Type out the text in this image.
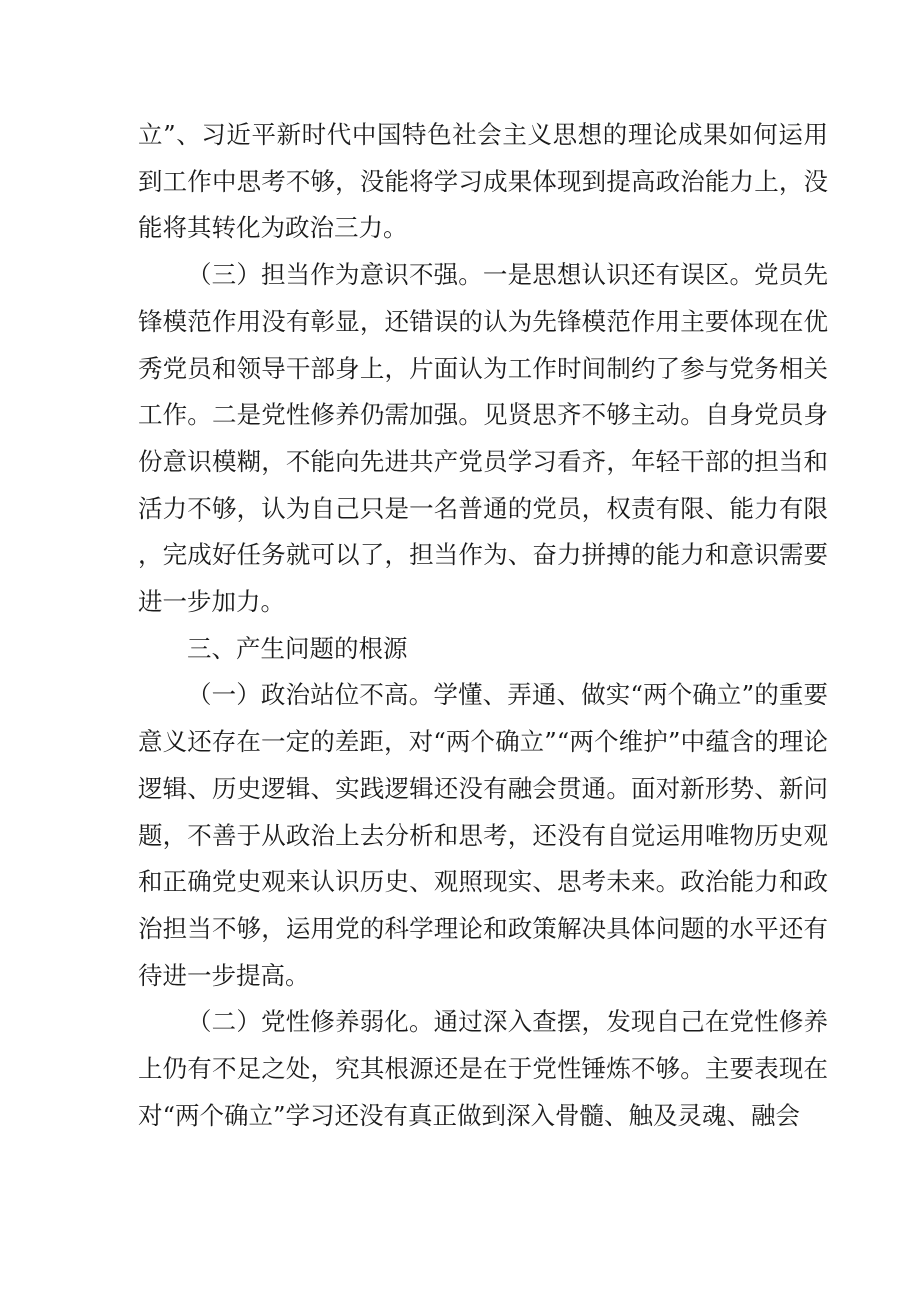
立”、习近平新时代中国特色社会主义思想的理论成果如何运用到工作中思考不够，没能将学习成果体现到提高政治能力上，没能将其转化为政治三力。

（三）担当作为意识不强。一是思想认识还有误区。党员先锋模范作用没有彰显，还错误的认为先锋模范作用主要体现在优秀党员和领导干部身上，片面认为工作时间制约了参与党务相关工作。二是党性修养仍需加强。见贤思齐不够主动。自身党员身份意识模糊，不能向先进共产党员学习看齐，年轻干部的担当和活力不够，认为自己只是一名普通的党员，权责有限、能力有限，完成好任务就可以了，担当作为、奋力拼搏的能力和意识需要进一步加力。

三、产生问题的根源

（一）政治站位不高。学懂、弄通、做实“两个确立”的重要意义还存在一定的差距，对“两个确立”“两个维护”中蕴含的理论逻辑、历史逻辑、实践逻辑还没有融会贯通。面对新形势、新问题，不善于从政治上去分析和思考，还没有自觉运用唯物历史观和正确党史观来认识历史、观照现实、思考未来。政治能力和政治担当不够，运用党的科学理论和政策解决具体问题的水平还有待进一步提高。

（二）党性修养弱化。通过深入查摆，发现自己在党性修养上仍有不足之处，究其根源还是在于党性锤炼不够。主要表现在对“两个确立”学习还没有真正做到深入骨髓、触及灵魂、融会
